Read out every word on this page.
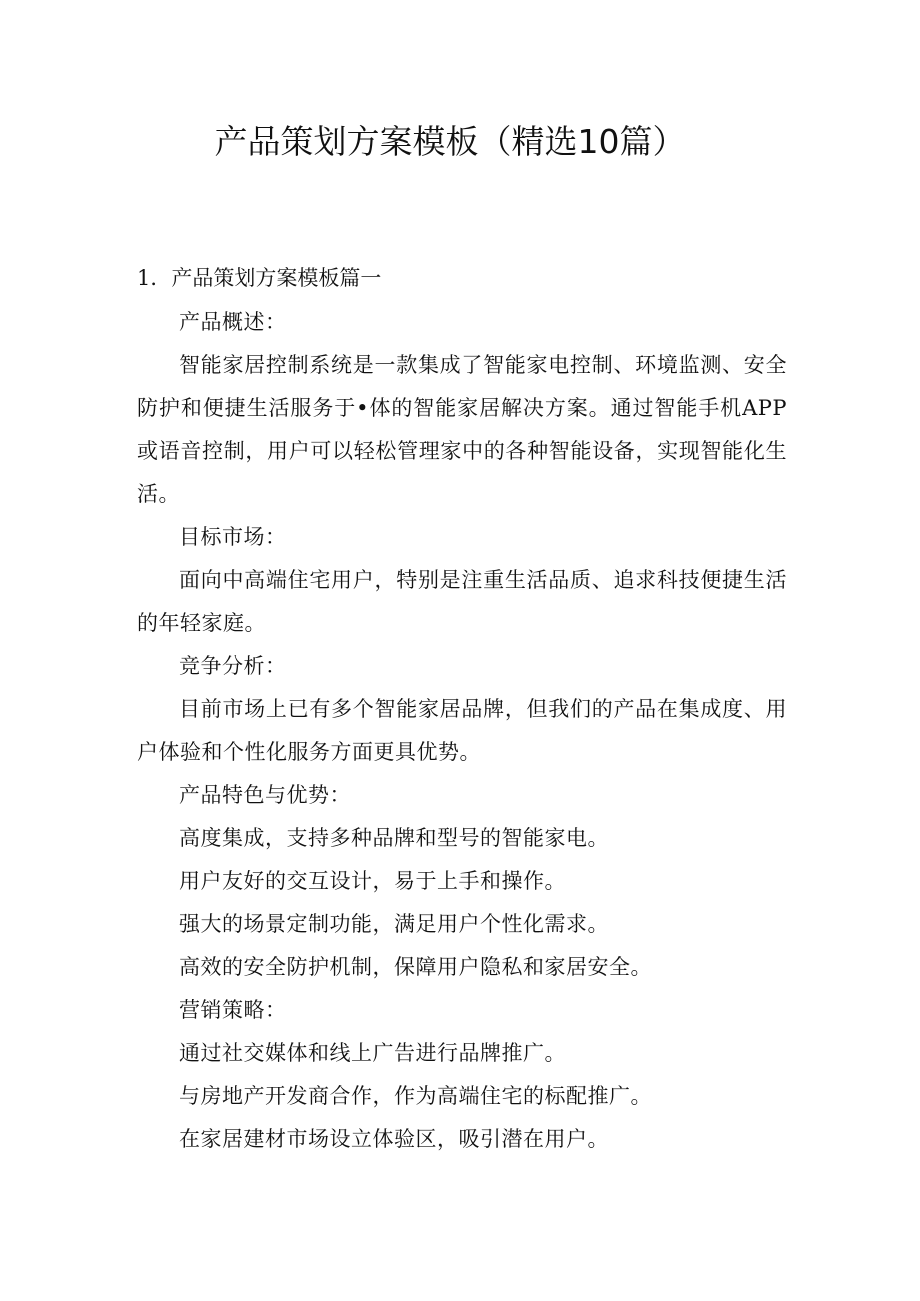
产品策划方案模板（精选10篇）
1．产品策划方案模板篇一

产品概述：

智能家居控制系统是一款集成了智能家电控制、环境监测、安全防护和便捷生活服务于•体的智能家居解决方案。通过智能手机APP或语音控制，用户可以轻松管理家中的各种智能设备，实现智能化生活。

目标市场：

面向中高端住宅用户，特别是注重生活品质、追求科技便捷生活的年轻家庭。

竞争分析：

目前市场上已有多个智能家居品牌，但我们的产品在集成度、用户体验和个性化服务方面更具优势。

产品特色与优势：

高度集成，支持多种品牌和型号的智能家电。

用户友好的交互设计，易于上手和操作。

强大的场景定制功能，满足用户个性化需求。

高效的安全防护机制，保障用户隐私和家居安全。

营销策略：

通过社交媒体和线上广告进行品牌推广。

与房地产开发商合作，作为高端住宅的标配推广。

在家居建材市场设立体验区，吸引潜在用户。
